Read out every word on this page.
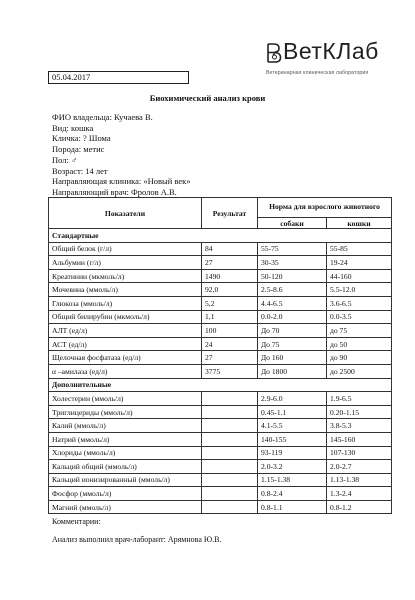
ВетКЛаб
Ветеринарная клиническая лаборатория
05.04.2017
Биохимический анализ крови
ФИО владельца: Кучаева В.
Вид: кошка
Кличка: ? Шома
Порода: метис
Пол: ♂
Возраст: 14 лет
Направляющая клиника: «Новый век»
Направляющий врач: Фролов А.В.
Показатели	Результат	Норма для взрослого животного	
		собаки	кошки
Стандартные			
Общий белок (г/л)	84	55-75	55-85
Альбумин (г/л)	27	30-35	19-24
Креатинин (мкмоль/л)	1490	50-120	44-160
Мочевина (ммоль/л)	92,0	2.5-8.6	5.5-12.0
Глюкоза (ммоль/л)	5,2	4.4-6.5	3.6-6.5
Общий билирубин (мкмоль/л)	1,1	0.0-2.0	0.0-3.5
АЛТ (ед/л)	100	До 70	до 75
АСТ (ед/л)	24	До 75	до 50
Щелочная фосфатаза (ед/л)	27	До 160	до 90
α –амилаза (ед/л)	3775	До 1800	до 2500
Дополнительные			
Холестерин (ммоль/л)		2.9-6.0	1.9-6.5
Триглицериды (ммоль/л)		0.45-1.1	0.20-1.15
Калий (ммоль/л)		4.1-5.5	3.8-5.3
Натрий (ммоль/л)		140-155	145-160
Хлориды (ммоль/л)		93-119	107-130
Кальций общий (ммоль/л)		2.0-3.2	2.0-2.7
Кальций ионизированный (ммоль/л)		1.15-1.38	1.13-1.38
Фосфор (ммоль/л)		0.8-2.4	1.3-2.4
Магний (ммоль/л)		0.8-1.1	0.8-1.2
Комментарии:
Анализ выполнил врач-лаборант: Арямнова Ю.В.
